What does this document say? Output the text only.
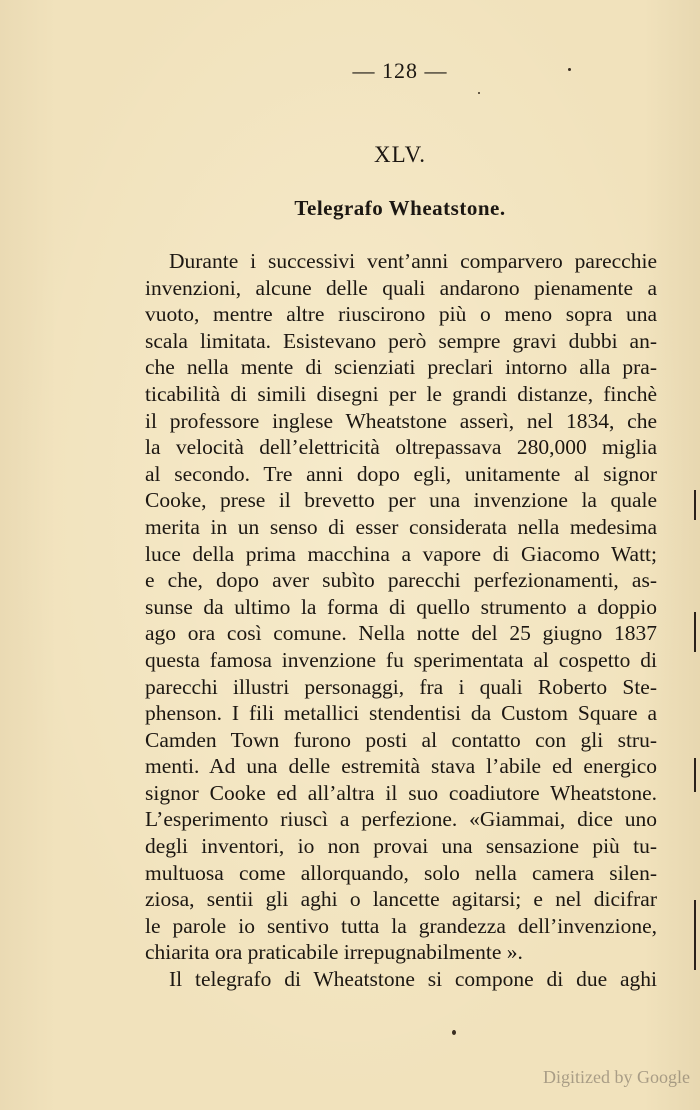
— 128 —
XLV.
Telegrafo Wheatstone.
Durante i successivi vent’anni comparvero parecchie
invenzioni, alcune delle quali andarono pienamente a
vuoto, mentre altre riuscirono più o meno sopra una
scala limitata. Esistevano però sempre gravi dubbi an-
che nella mente di scienziati preclari intorno alla pra-
ticabilità di simili disegni per le grandi distanze, finchè
il professore inglese Wheatstone asserì, nel 1834, che
la velocità dell’elettricità oltrepassava 280,000 miglia
al secondo. Tre anni dopo egli, unitamente al signor
Cooke, prese il brevetto per una invenzione la quale
merita in un senso di esser considerata nella medesima
luce della prima macchina a vapore di Giacomo Watt;
e che, dopo aver subìto parecchi perfezionamenti, as-
sunse da ultimo la forma di quello strumento a doppio
ago ora così comune. Nella notte del 25 giugno 1837
questa famosa invenzione fu sperimentata al cospetto di
parecchi illustri personaggi, fra i quali Roberto Ste-
phenson. I fili metallici stendentisi da Custom Square a
Camden Town furono posti al contatto con gli stru-
menti. Ad una delle estremità stava l’abile ed energico
signor Cooke ed all’altra il suo coadiutore Wheatstone.
L’esperimento riuscì a perfezione. «Giammai, dice uno
degli inventori, io non provai una sensazione più tu-
multuosa come allorquando, solo nella camera silen-
ziosa, sentii gli aghi o lancette agitarsi; e nel dicifrar
le parole io sentivo tutta la grandezza dell’invenzione,
chiarita ora praticabile irrepugnabilmente ».
Il telegrafo di Wheatstone si compone di due aghi
Digitized by Google
